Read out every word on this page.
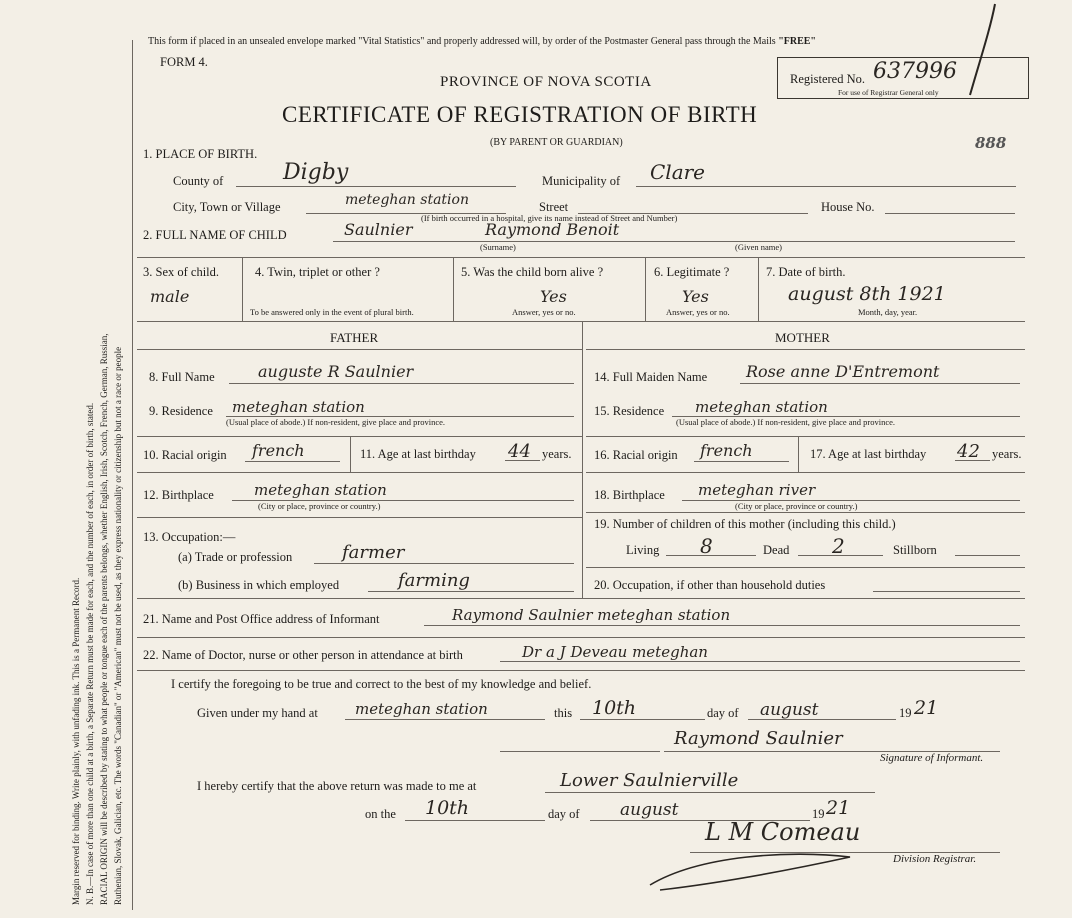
Margin reserved for binding. Write plainly, with unfading ink. This is a Permanent Record. N. B.—In case of more than one child at a birth, a Separate Return must be made for each, and the number of each, in order of birth, stated. RACIAL ORIGIN will be described by stating to what people or tongue each of the parents belongs, whether English, Irish, Scotch, French, German, Russian, Ruthenian, Slovak, Galician, etc. The words "Canadian" or "American" must not be used, as they express nationality or citizenship but not a race or people
This form if placed in an unsealed envelope marked "Vital Statistics" and properly addressed will, by order of the Postmaster General pass through the Mails "FREE"
FORM 4.
PROVINCE OF NOVA SCOTIA
CERTIFICATE OF REGISTRATION OF BIRTH
(BY PARENT OR GUARDIAN)
Registered No. 637996
For use of Registrar General only
888
1. PLACE OF BIRTH.
County of	Digby	Municipality of Clare
City, Town or Village	meteghan station	Street	House No.
(If birth occurred in a hospital, give its name instead of Street and Number)
2. FULL NAME OF CHILD	Saulnier	Raymond Benoit
(Surname)	(Given name)
3. Sex of child.
male
4. Twin, triplet or other ?
To be answered only in the event of plural birth.
5. Was the child born alive ?
Yes
Answer, yes or no.
6. Legitimate ?
Yes
Answer, yes or no.
7. Date of birth.
august 8th 1921
Month, day, year.
FATHER	MOTHER
8. Full Name	auguste R Saulnier
9. Residence meteghan station
(Usual place of abode.) If non-resident, give place and province.
10. Racial origin french	11. Age at last birthday 44 years.
12. Birthplace	meteghan station
(City or place, province or country.)
13. Occupation:—
(a) Trade or profession	farmer
(b) Business in which employed	farming
14. Full Maiden Name Rose anne D'Entremont
15. Residence meteghan station
(Usual place of abode.) If non-resident, give place and province.
16. Racial origin french	17. Age at last birthday 42 years.
18. Birthplace meteghan river
(City or place, province or country.)
19. Number of children of this mother (including this child.)
Living 8	Dead 2	Stillborn
20. Occupation, if other than household duties
21. Name and Post Office address of Informant	Raymond Saulnier meteghan station
22. Name of Doctor, nurse or other person in attendance at birth	Dr a J Deveau meteghan
I certify the foregoing to be true and correct to the best of my knowledge and belief.
Given under my hand at meteghan station	this 10th	day of august	19 21
Raymond Saulnier
Signature of Informant.
I hereby certify that the above return was made to me at	Lower Saulnierville
on the 10th	day of august	19 21
L M Comeau
Division Registrar.
